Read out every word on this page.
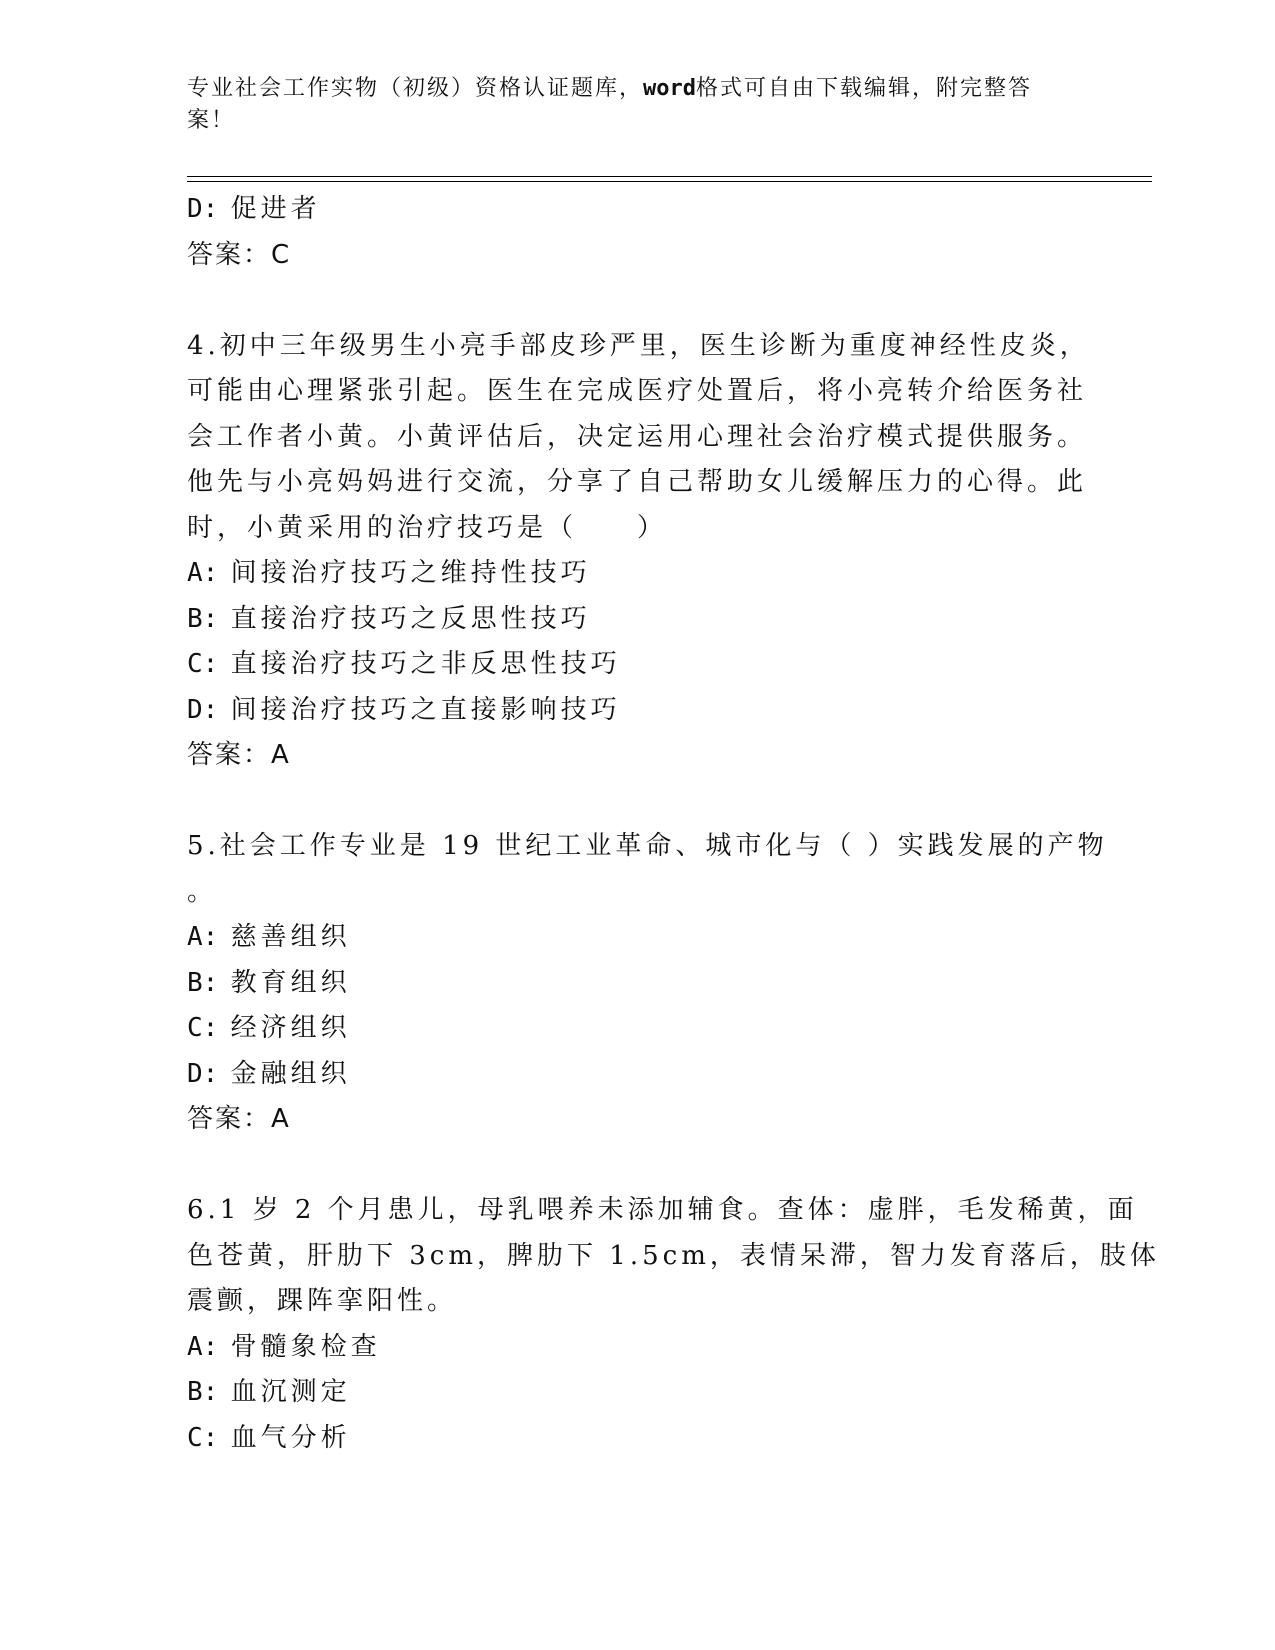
专业社会工作实物（初级）资格认证题库，word格式可自由下载编辑，附完整答
案！
D: 促进者
答案：C
4.初中三年级男生小亮手部皮珍严里，医生诊断为重度神经性皮炎，
可能由心理紧张引起。医生在完成医疗处置后，将小亮转介给医务社
会工作者小黄。小黄评估后，决定运用心理社会治疗模式提供服务。
他先与小亮妈妈进行交流，分享了自己帮助女儿缓解压力的心得。此
时，小黄采用的治疗技巧是（　　）
A: 间接治疗技巧之维持性技巧
B: 直接治疗技巧之反思性技巧
C: 直接治疗技巧之非反思性技巧
D: 间接治疗技巧之直接影响技巧
答案：A
5.社会工作专业是 19 世纪工业革命、城市化与（ ）实践发展的产物
。
A: 慈善组织
B: 教育组织
C: 经济组织
D: 金融组织
答案：A
6.1 岁 2 个月患儿，母乳喂养未添加辅食。查体：虚胖，毛发稀黄，面
色苍黄，肝肋下 3cm，脾肋下 1.5cm，表情呆滞，智力发育落后，肢体
震颤，踝阵挛阳性。
A: 骨髓象检查
B: 血沉测定
C: 血气分析
